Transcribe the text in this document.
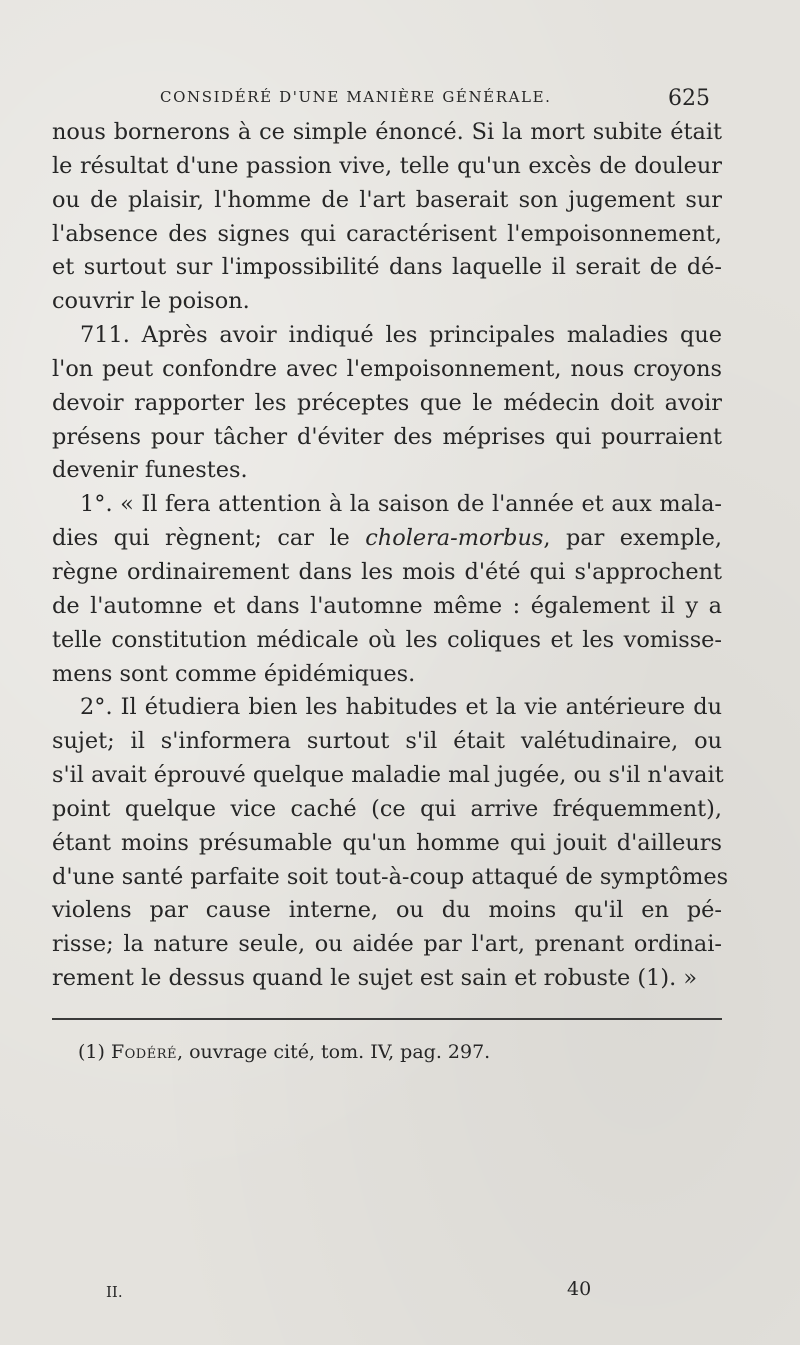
CONSIDÉRÉ D'UNE MANIÈRE GÉNÉRALE.	625
nous bornerons à ce simple énoncé. Si la mort subite était
le résultat d'une passion vive, telle qu'un excès de douleur
ou de plaisir, l'homme de l'art baserait son jugement sur
l'absence des signes qui caractérisent l'empoisonnement,
et surtout sur l'impossibilité dans laquelle il serait de dé-
couvrir le poison.
711. Après avoir indiqué les principales maladies que
l'on peut confondre avec l'empoisonnement, nous croyons
devoir rapporter les préceptes que le médecin doit avoir
présens pour tâcher d'éviter des méprises qui pourraient
devenir funestes.
1°. « Il fera attention à la saison de l'année et aux mala-
dies qui règnent; car le cholera-morbus, par exemple,
règne ordinairement dans les mois d'été qui s'approchent
de l'automne et dans l'automne même : également il y a
telle constitution médicale où les coliques et les vomisse-
mens sont comme épidémiques.
2°. Il étudiera bien les habitudes et la vie antérieure du
sujet; il s'informera surtout s'il était valétudinaire, ou
s'il avait éprouvé quelque maladie mal jugée, ou s'il n'avait
point quelque vice caché (ce qui arrive fréquemment),
étant moins présumable qu'un homme qui jouit d'ailleurs
d'une santé parfaite soit tout-à-coup attaqué de symptômes
violens par cause interne, ou du moins qu'il en pé-
risse; la nature seule, ou aidée par l'art, prenant ordinai-
rement le dessus quand le sujet est sain et robuste (1). »
(1) Fodéré, ouvrage cité, tom. IV, pag. 297.
II.	40
